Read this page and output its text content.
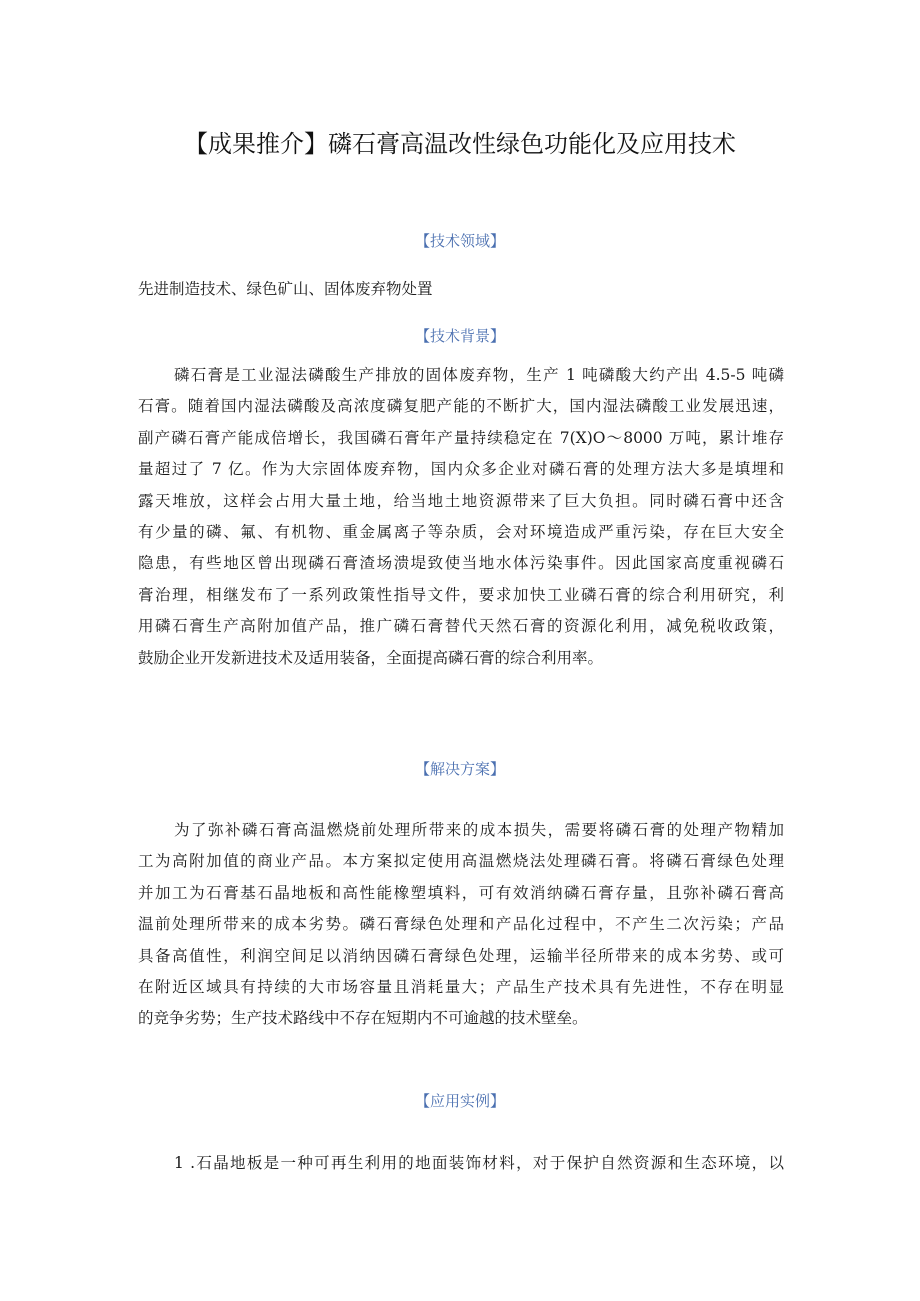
【成果推介】磷石膏高温改性绿色功能化及应用技术
【技术领域】

先进制造技术、绿色矿山、固体废弃物处置

【技术背景】
磷石膏是工业湿法磷酸生产排放的固体废弃物，生产 1 吨磷酸大约产出 4.5-5 吨磷
石膏。随着国内湿法磷酸及高浓度磷复肥产能的不断扩大，国内湿法磷酸工业发展迅速，
副产磷石膏产能成倍增长，我国磷石膏年产量持续稳定在 7(X)O～8000 万吨，累计堆存
量超过了 7 亿。作为大宗固体废弃物，国内众多企业对磷石膏的处理方法大多是填埋和
露天堆放，这样会占用大量土地，给当地土地资源带来了巨大负担。同时磷石膏中还含
有少量的磷、氟、有机物、重金属离子等杂质，会对环境造成严重污染，存在巨大安全
隐患，有些地区曾出现磷石膏渣场溃堤致使当地水体污染事件。因此国家高度重视磷石
膏治理，相继发布了一系列政策性指导文件，要求加快工业磷石膏的综合利用研究，利
用磷石膏生产高附加值产品，推广磷石膏替代天然石膏的资源化利用，减免税收政策，
鼓励企业开发新进技术及适用装备，全面提高磷石膏的综合利用率。
【解决方案】
为了弥补磷石膏高温燃烧前处理所带来的成本损失，需要将磷石膏的处理产物精加
工为高附加值的商业产品。本方案拟定使用高温燃烧法处理磷石膏。将磷石膏绿色处理
并加工为石膏基石晶地板和高性能橡塑填料，可有效消纳磷石膏存量，且弥补磷石膏高
温前处理所带来的成本劣势。磷石膏绿色处理和产品化过程中，不产生二次污染；产品
具备高值性，利润空间足以消纳因磷石膏绿色处理，运输半径所带来的成本劣势、或可
在附近区域具有持续的大市场容量且消耗量大；产品生产技术具有先进性，不存在明显
的竞争劣势；生产技术路线中不存在短期内不可逾越的技术壁垒。
【应用实例】
1 .石晶地板是一种可再生利用的地面装饰材料，对于保护自然资源和生态环境，以
